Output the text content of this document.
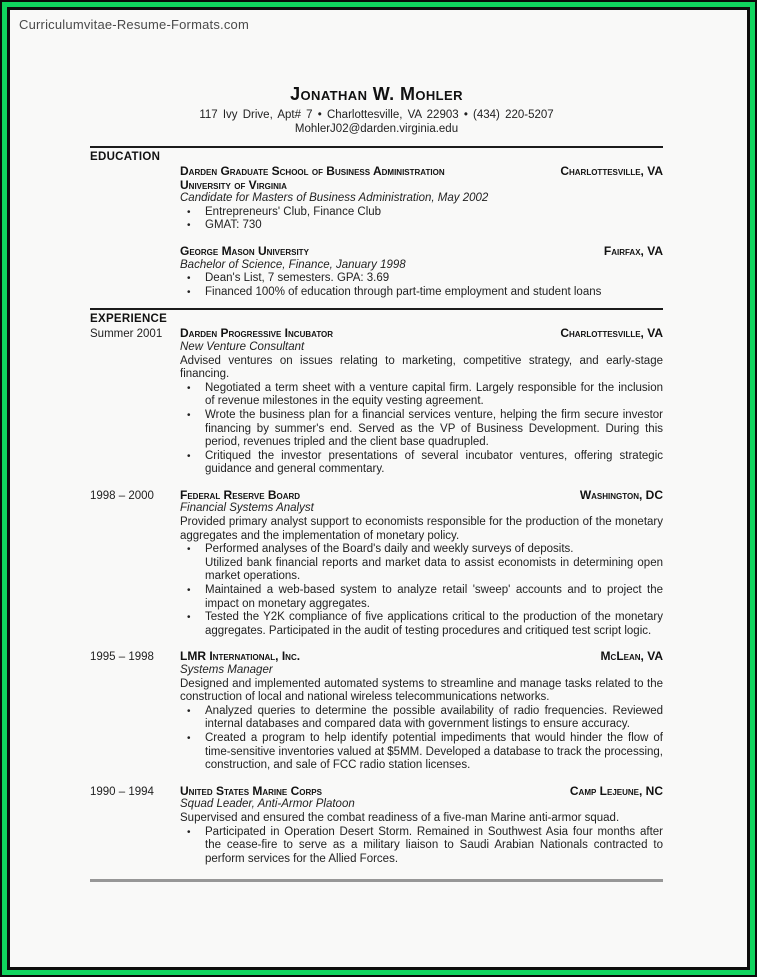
Curriculumvitae-Resume-Formats.com
Jonathan W. Mohler
117 Ivy Drive, Apt# 7 • Charlottesville, VA 22903 • (434) 220-5207
MohlerJ02@darden.virginia.edu
EDUCATION
Darden Graduate School of Business Administration	Charlottesville, VA
University of Virginia
Candidate for Masters of Business Administration, May 2002
•	Entrepreneurs' Club, Finance Club
•	GMAT: 730
George Mason University	Fairfax, VA
Bachelor of Science, Finance, January 1998
•	Dean's List, 7 semesters. GPA: 3.69
•	Financed 100% of education through part-time employment and student loans
EXPERIENCE
Summer 2001	Darden Progressive Incubator	Charlottesville, VA
New Venture Consultant
Advised ventures on issues relating to marketing, competitive strategy, and early-stage financing.
•	Negotiated a term sheet with a venture capital firm. Largely responsible for the inclusion of revenue milestones in the equity vesting agreement.
•	Wrote the business plan for a financial services venture, helping the firm secure investor financing by summer's end. Served as the VP of Business Development. During this period, revenues tripled and the client base quadrupled.
•	Critiqued the investor presentations of several incubator ventures, offering strategic guidance and general commentary.
1998 – 2000	Federal Reserve Board	Washington, DC
Financial Systems Analyst
Provided primary analyst support to economists responsible for the production of the monetary aggregates and the implementation of monetary policy.
•	Performed analyses of the Board's daily and weekly surveys of deposits.
Utilized bank financial reports and market data to assist economists in determining open market operations.
•	Maintained a web-based system to analyze retail 'sweep' accounts and to project the impact on monetary aggregates.
•	Tested the Y2K compliance of five applications critical to the production of the monetary aggregates. Participated in the audit of testing procedures and critiqued test script logic.
1995 – 1998	LMR International, Inc.	McLean, VA
Systems Manager
Designed and implemented automated systems to streamline and manage tasks related to the construction of local and national wireless telecommunications networks.
•	Analyzed queries to determine the possible availability of radio frequencies. Reviewed internal databases and compared data with government listings to ensure accuracy.
•	Created a program to help identify potential impediments that would hinder the flow of time-sensitive inventories valued at $5MM. Developed a database to track the processing, construction, and sale of FCC radio station licenses.
1990 – 1994	United States Marine Corps	Camp Lejeune, NC
Squad Leader, Anti-Armor Platoon
Supervised and ensured the combat readiness of a five-man Marine anti-armor squad.
•	Participated in Operation Desert Storm. Remained in Southwest Asia four months after the cease-fire to serve as a military liaison to Saudi Arabian Nationals contracted to perform services for the Allied Forces.
